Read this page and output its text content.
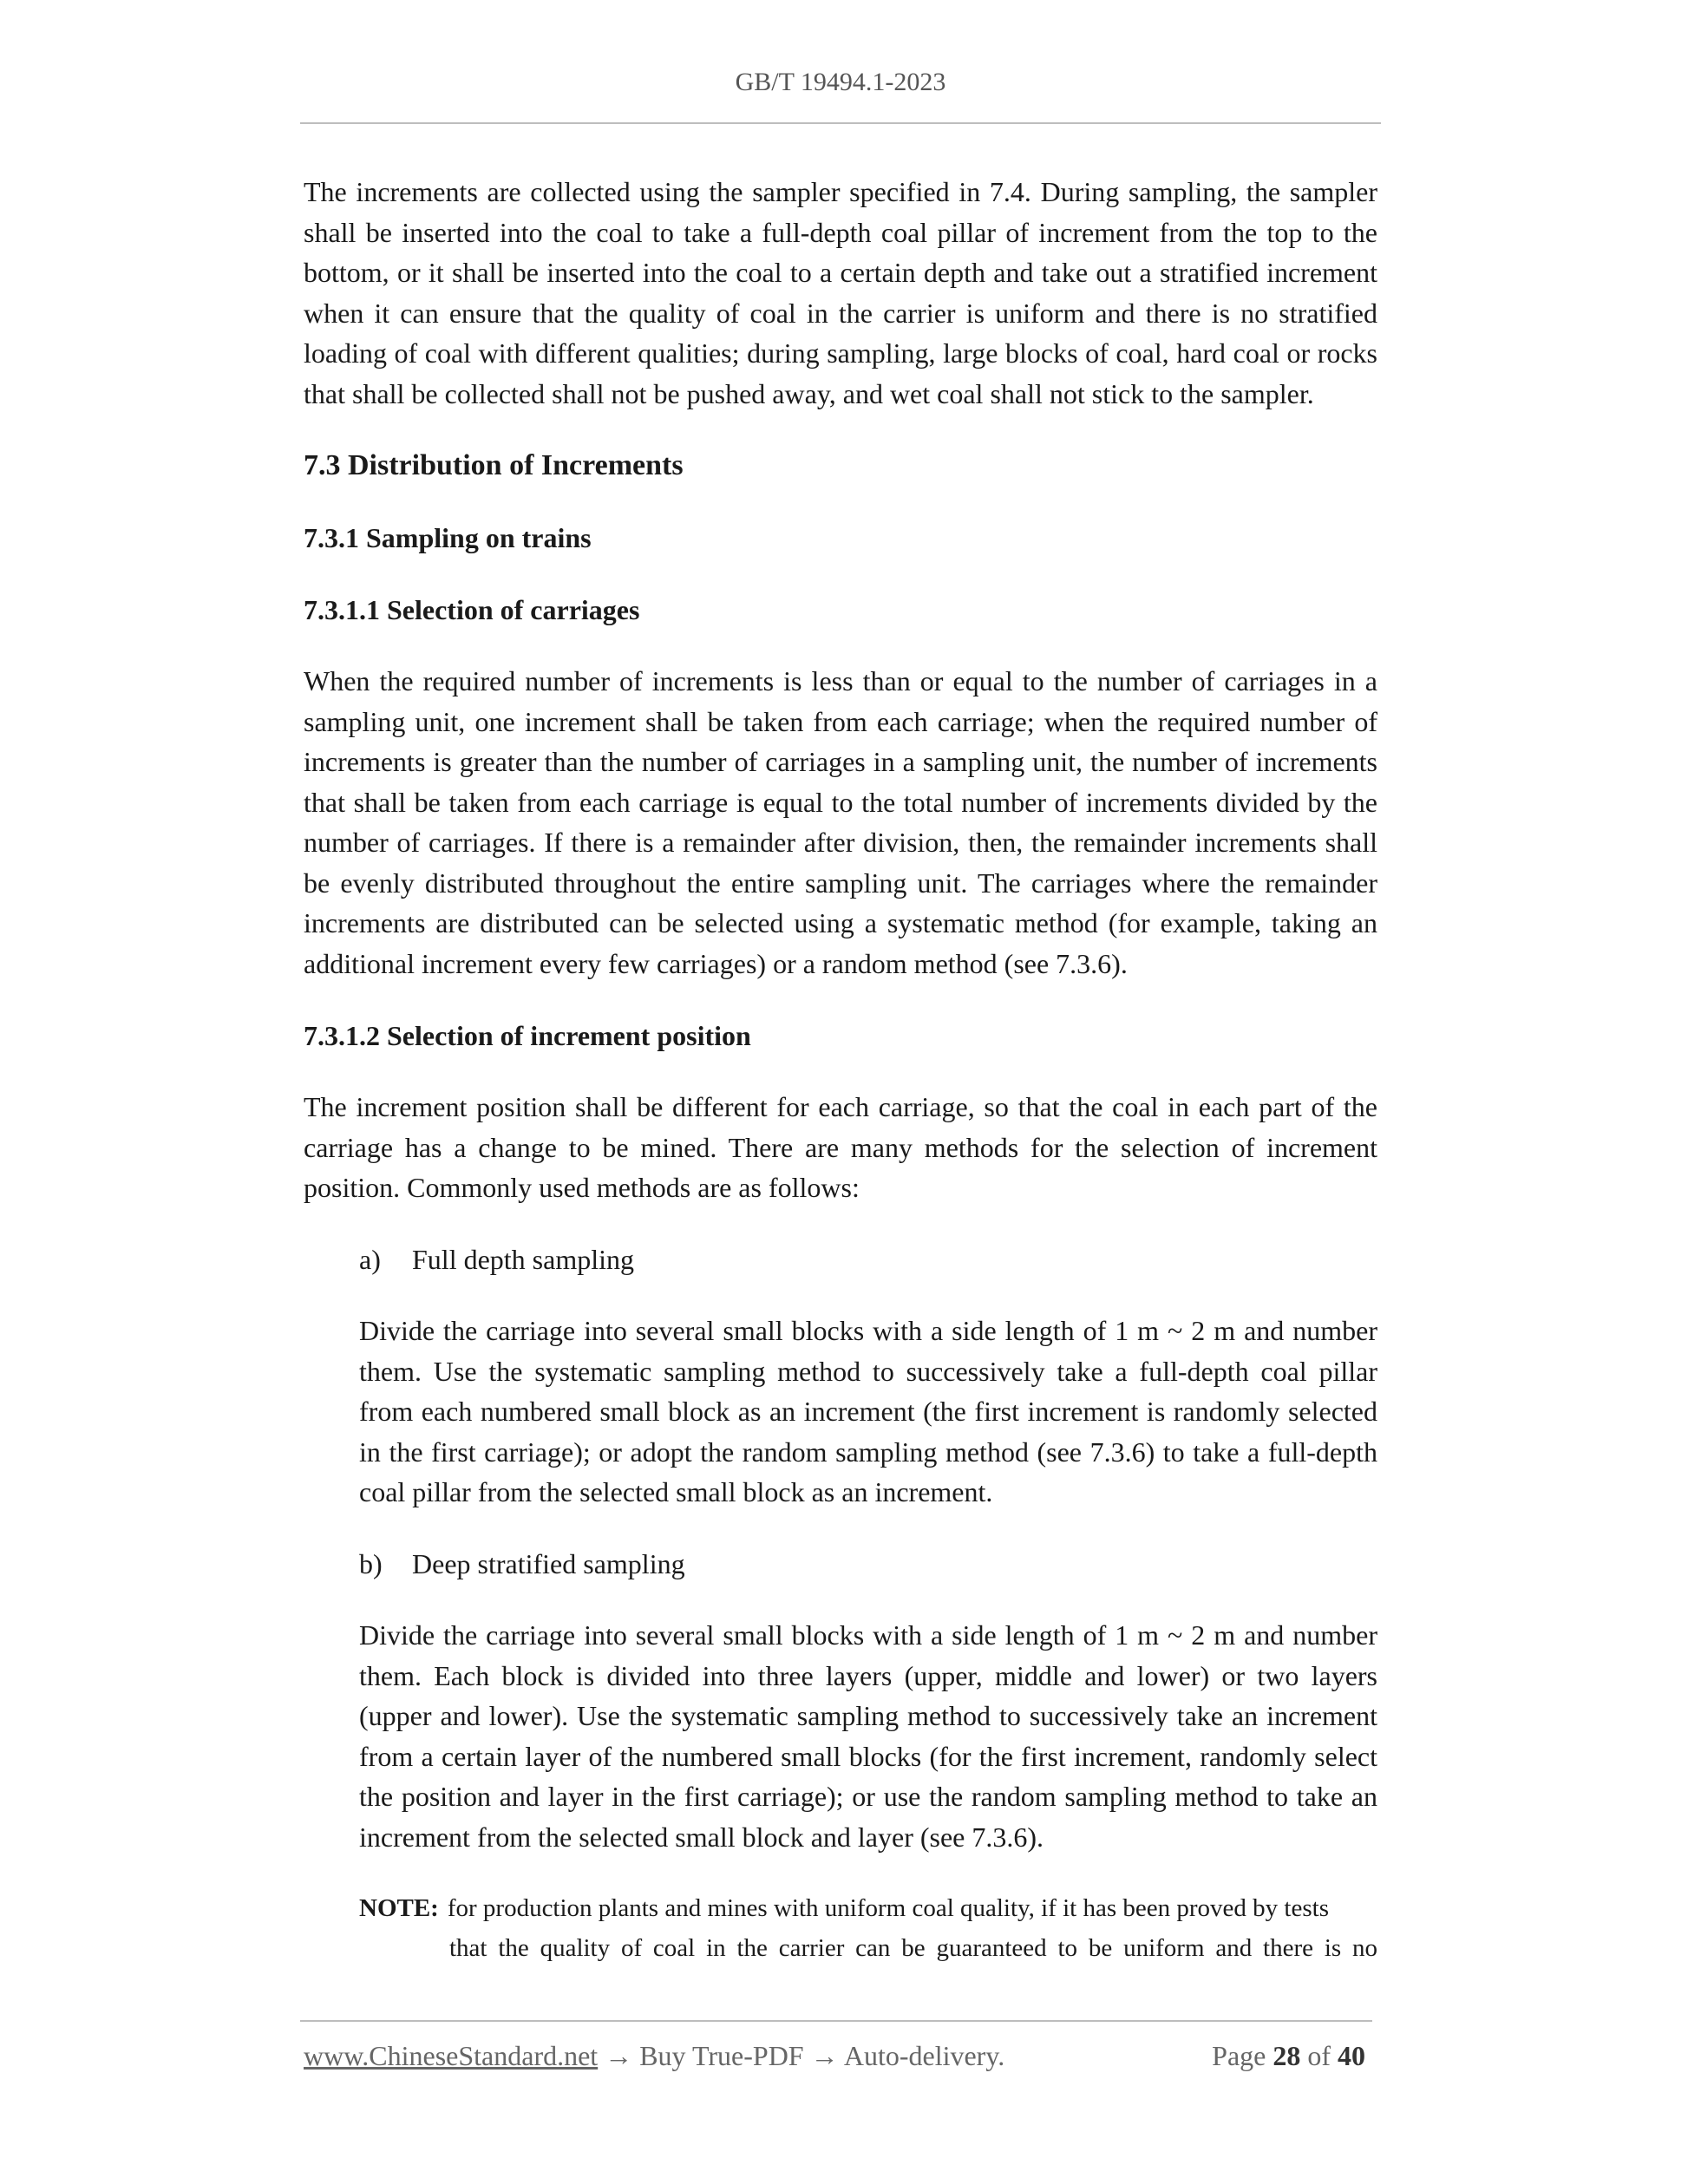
GB/T 19494.1-2023

The increments are collected using the sampler specified in 7.4. During sampling, the sampler shall be inserted into the coal to take a full-depth coal pillar of increment from the top to the bottom, or it shall be inserted into the coal to a certain depth and take out a stratified increment when it can ensure that the quality of coal in the carrier is uniform and there is no stratified loading of coal with different qualities; during sampling, large blocks of coal, hard coal or rocks that shall be collected shall not be pushed away, and wet coal shall not stick to the sampler.

7.3 Distribution of Increments
7.3.1 Sampling on trains
7.3.1.1 Selection of carriages

When the required number of increments is less than or equal to the number of carriages in a sampling unit, one increment shall be taken from each carriage; when the required number of increments is greater than the number of carriages in a sampling unit, the number of increments that shall be taken from each carriage is equal to the total number of increments divided by the number of carriages. If there is a remainder after division, then, the remainder increments shall be evenly distributed throughout the entire sampling unit. The carriages where the remainder increments are distributed can be selected using a systematic method (for example, taking an additional increment every few carriages) or a random method (see 7.3.6).

7.3.1.2 Selection of increment position

The increment position shall be different for each carriage, so that the coal in each part of the carriage has a change to be mined. There are many methods for the selection of increment position. Commonly used methods are as follows:

a)	Full depth sampling

Divide the carriage into several small blocks with a side length of 1 m ~ 2 m and number them. Use the systematic sampling method to successively take a full-depth coal pillar from each numbered small block as an increment (the first increment is randomly selected in the first carriage); or adopt the random sampling method (see 7.3.6) to take a full-depth coal pillar from the selected small block as an increment.

b)	Deep stratified sampling

Divide the carriage into several small blocks with a side length of 1 m ~ 2 m and number them. Each block is divided into three layers (upper, middle and lower) or two layers (upper and lower). Use the systematic sampling method to successively take an increment from a certain layer of the numbered small blocks (for the first increment, randomly select the position and layer in the first carriage); or use the random sampling method to take an increment from the selected small block and layer (see 7.3.6).

NOTE: for production plants and mines with uniform coal quality, if it has been proved by tests
that the quality of coal in the carrier can be guaranteed to be uniform and there is no
www.ChineseStandard.net → Buy True-PDF → Auto-delivery.	Page 28 of 40
